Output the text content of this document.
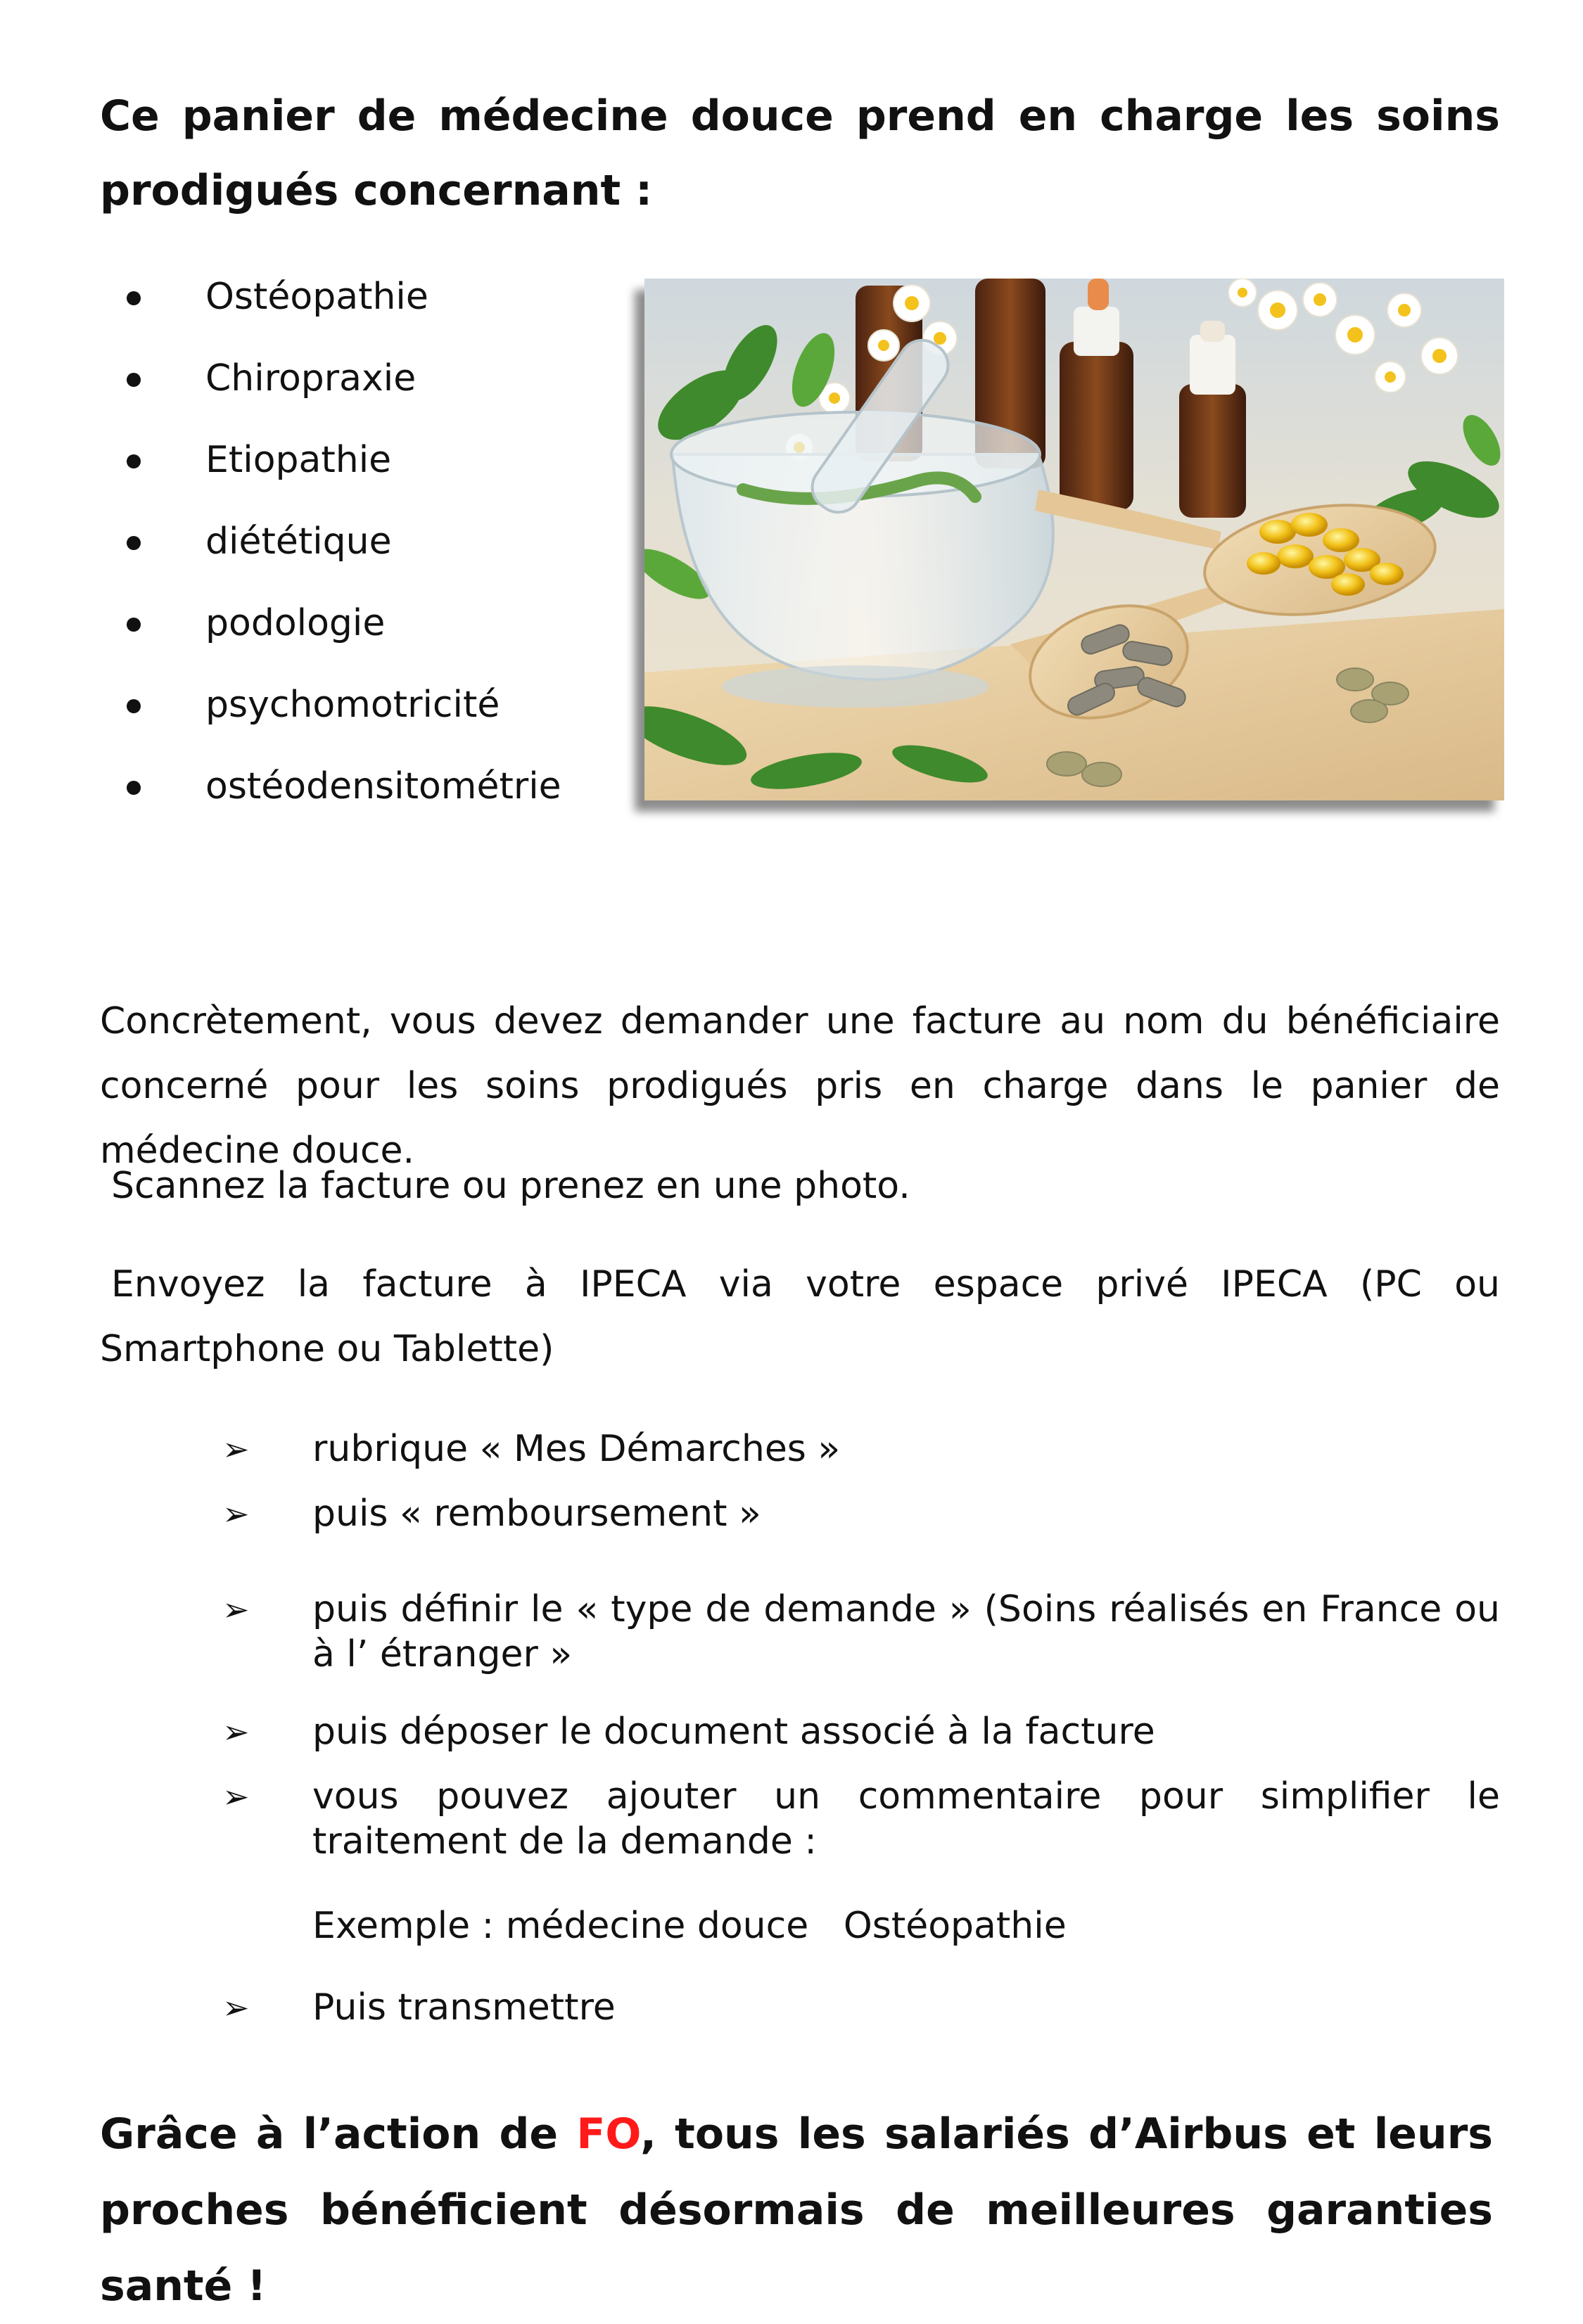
Ce panier de médecine douce prend en charge les soins prodigués concernant :
Ostéopathie
Chiropraxie
Etiopathie
diététique
podologie
psychomotricité
ostéodensitométrie
Concrètement, vous devez demander une facture au nom du bénéficiaire concerné pour les soins prodigués pris en charge dans le panier de médecine douce.
Scannez la facture ou prenez en une photo.
Envoyez la facture à IPECA via votre espace privé IPECA (PC ou Smartphone ou Tablette)
➢ rubrique « Mes Démarches »
➢ puis « remboursement »
➢ puis définir le « type de demande » (Soins réalisés en France ou à l’ étranger »
➢ puis déposer le document associé à la facture
➢ vous pouvez ajouter un commentaire pour simplifier le traitement de la demande :
Exemple : médecine douce Ostéopathie
➢ Puis transmettre
Grâce à l’action de FO, tous les salariés d’Airbus et leurs proches bénéficient désormais de meilleures garanties santé !
